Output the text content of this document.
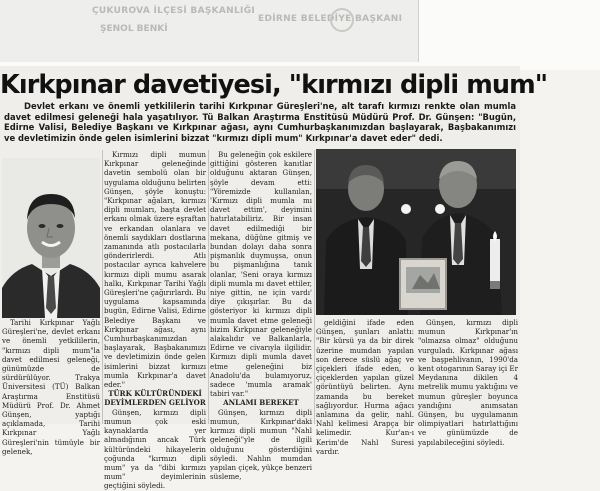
ÇUKUROVA İLÇESİ BAŞKANLIĞI
EDİRNE BELEDİYE BAŞKANI
ŞENOL BENKİ
Kırkpınar davetiyesi, "kırmızı dipli mum"
Devlet erkanı ve önemli yetkililerin tarihi Kırkpınar Güreşleri'ne, alt tarafı kırmızı renkte olan mumla davet edilmesi geleneği hala yaşatılıyor. Tü Balkan Araştırma Enstitüsü Müdürü Prof. Dr. Günşen: "Bugün, Edirne Valisi, Belediye Başkanı ve Kırkpınar ağası, aynı Cumhurbaşkanımızdan başlayarak, Başbakanımızı ve devletimizin önde gelen isimlerini bizzat "kırmızı dipli mum" Kırkpınar'a davet eder" dedi.

Tarihi Kırkpınar Yağlı Güreşleri'ne, devlet erkanı ve önemli yetkililerin, "kırmızı dipli mum"la davet edilmesi geleneği, günümüzde de sürdürülüyor. Trakya Üniversitesi (TÜ) Balkan Araştırma Enstitüsü Müdürü Prof. Dr. Ahmet Günşen, yaptığı açıklamada, Tarihi Kırkpınar Yağlı Güreşleri'nin tümüyle bir gelenek,

Kırmızı dipli mumun Kırkpınar geleneğinde davetin sembolü olan bir uygulama olduğunu belirten Günşen, şöyle konuştu: "Kırkpınar ağaları, kırmızı dipli mumları, başta devlet erkanı olmak üzere eşraftan ve erkandan olanlara ve önemli saydıkları dostlarına zamanında atlı postacılarla gönderirlerdi. Atlı postacılar ayrıca kahvelere kırmızı dipli mumu asarak halkı, Kırkpınar Tarihi Yağlı Güreşleri'ne çağırırlardı. Bu uygulama kapsamında bugün, Edirne Valisi, Edirne Belediye Başkanı ve Kırkpınar ağası, aynı Cumhurbaşkanımızdan başlayarak, Başbakanımızı ve devletimizin önde gelen isimlerini bizzat kırmızı mumla Kırkpınar'a davet eder."

TÜRK KÜLTÜRÜNDEKİ DEYİMLERDEN GELİYOR

Günşen, kırmızı dipli mumun çok eski kaynaklarda yer almadığının ancak Türk kültüründeki hikayelerin çoğunda "kırmızı dipli mum" ya da "dibi kırmızı mum" deyimlerinin geçtiğini söyledi.

Bu geleneğin çok eskilere gittiğini gösteren kanıtlar olduğunu aktaran Günşen, şöyle devam etti: "Yöremizde kullanılan, 'Kırmızı dipli mumla mı davet ettim', deyimini hatırlatabiliriz. Bir insan davet edilmediği bir mekana, düğüne gitmiş ve bundan dolayı daha sonra pişmanlık duymuşsa, onun bu pişmanlığına tanık olanlar, 'Seni oraya kırmızı dipli mumla mı davet ettiler, niye gittin, ne için vardı' diye çıkışırlar. Bu da gösteriyor ki kırmızı dipli mumla davet etme geleneği bizim Kırkpınar geleneğiyle alakalıdır ve Balkanlarla, Edirne ve civarıyla ilgilidir. Kırmızı dipli mumla davet etme geleneğini biz Anadolu'da bulamıyoruz, sadece 'mumla aramak' tabiri var."

ANLAMI BEREKET

Günşen, kırmızı dipli mumun, Kırkpınar'daki kırmızı dipli mumun "Nahl geleneği"yle de ilgili olduğunu gösterdiğini söyledi. Nahlın mumdan yapılan çiçek, yükçe benzeri süsleme,

geldiğini ifade eden Günşen, şunları anlattı: "Bir kürsü ya da bir direk üzerine mumdan yapılan son derece süslü ağaç ve çiçekleri ifade eden, o çiçeklerden yapılan güzel görüntüyü belirten. Aynı zamanda bu bereket sağlıyordur. Hurma ağacı anlamına da gelir, nahl. Nahl kelimesi Arapça bir kelimedir. Kur'an-ı Kerim'de Nahl Suresi vardır.

Günşen, kırmızı dipli mumun Kırkpınar'ın "olmazsa olmaz" olduğunu vurguladı. Kırkpınar ağası ve başpehlivanın, 1990'da kent otogarının Saray içi Er Meydanına dikilen 4 metrelik mumu yaktığını ve mumun güreşler boyunca yandığını anımsatan Günşen, bu uygulamanın olimpiyatlari hatırlattığını ve günümüzde de yapılabileceğini söyledi.
